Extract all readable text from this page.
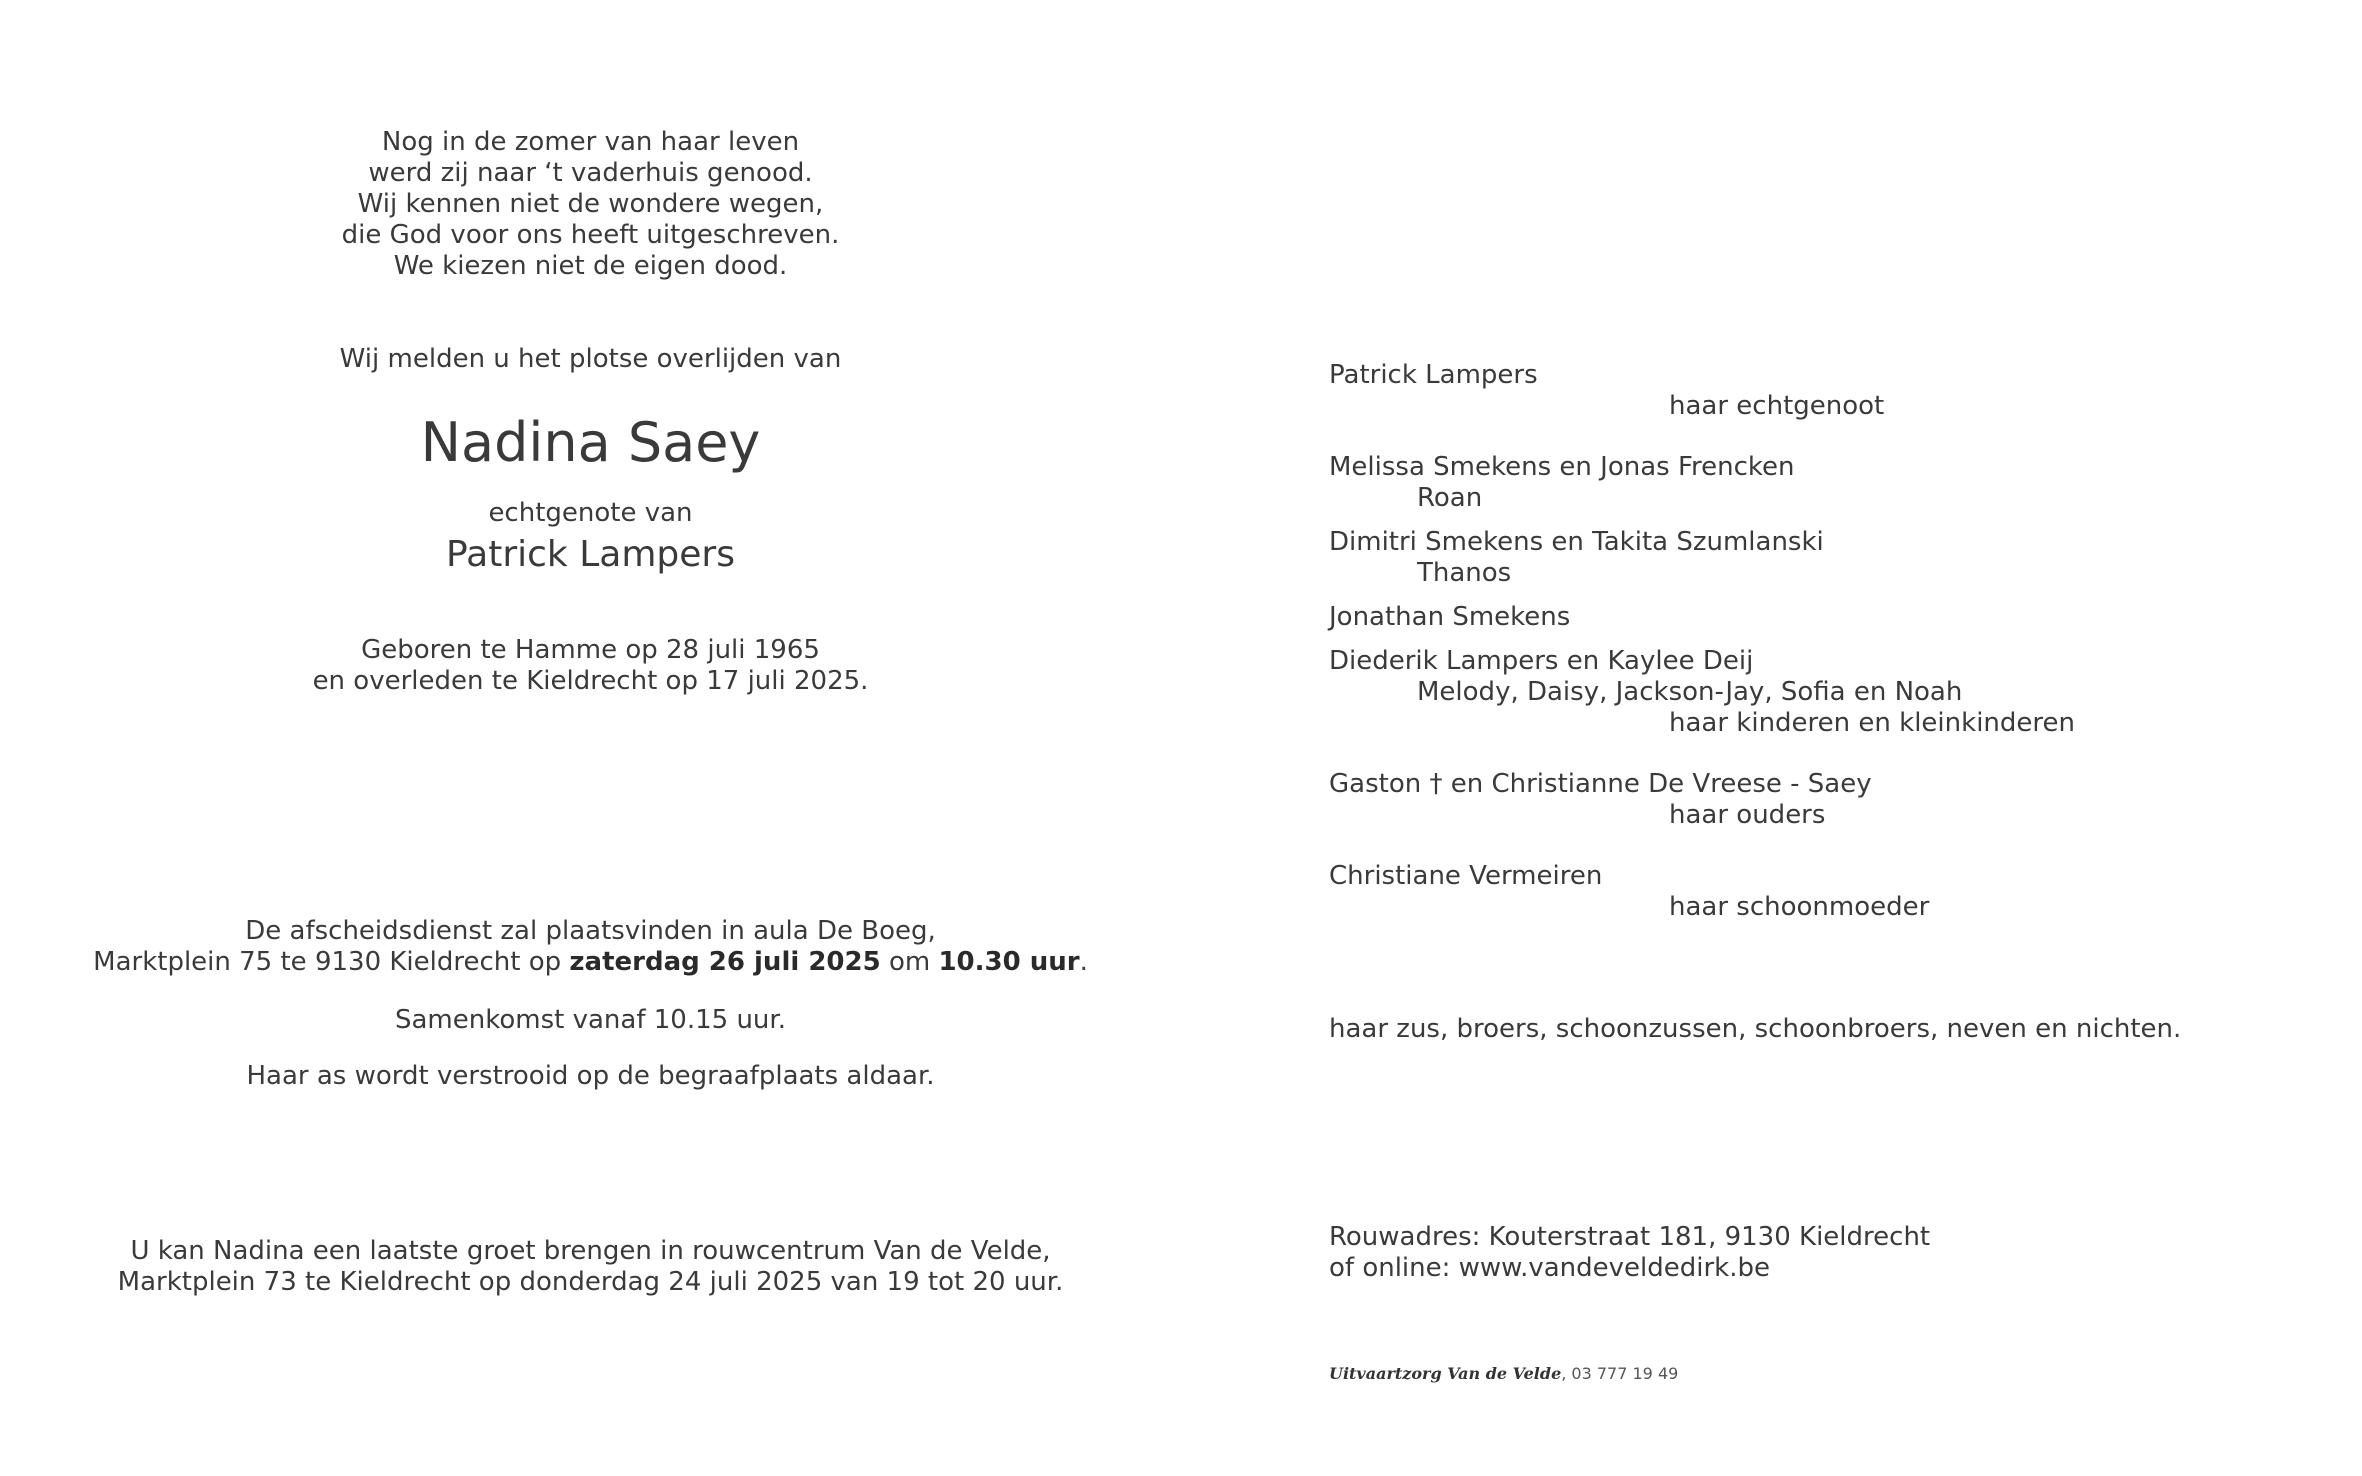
Nog in de zomer van haar leven
werd zij naar ‘t vaderhuis genood.
Wij kennen niet de wondere wegen,
die God voor ons heeft uitgeschreven.
We kiezen niet de eigen dood.
Wij melden u het plotse overlijden van
Nadina Saey
echtgenote van
Patrick Lampers
Geboren te Hamme op 28 juli 1965
en overleden te Kieldrecht op 17 juli 2025.
De afscheidsdienst zal plaatsvinden in aula De Boeg,
Marktplein 75 te 9130 Kieldrecht op zaterdag 26 juli 2025 om 10.30 uur.
Samenkomst vanaf 10.15 uur.
Haar as wordt verstrooid op de begraafplaats aldaar.
U kan Nadina een laatste groet brengen in rouwcentrum Van de Velde,
Marktplein 73 te Kieldrecht op donderdag 24 juli 2025 van 19 tot 20 uur.
Patrick Lampers
haar echtgenoot
Melissa Smekens en Jonas Frencken
Roan
Dimitri Smekens en Takita Szumlanski
Thanos
Jonathan Smekens
Diederik Lampers en Kaylee Deij
Melody, Daisy, Jackson-Jay, Sofia en Noah
haar kinderen en kleinkinderen
Gaston † en Christianne De Vreese - Saey
haar ouders
Christiane Vermeiren
haar schoonmoeder
haar zus, broers, schoonzussen, schoonbroers, neven en nichten.
Rouwadres: Kouterstraat 181, 9130 Kieldrecht
of online: www.vandeveldedirk.be
Uitvaartzorg Van de Velde, 03 777 19 49
